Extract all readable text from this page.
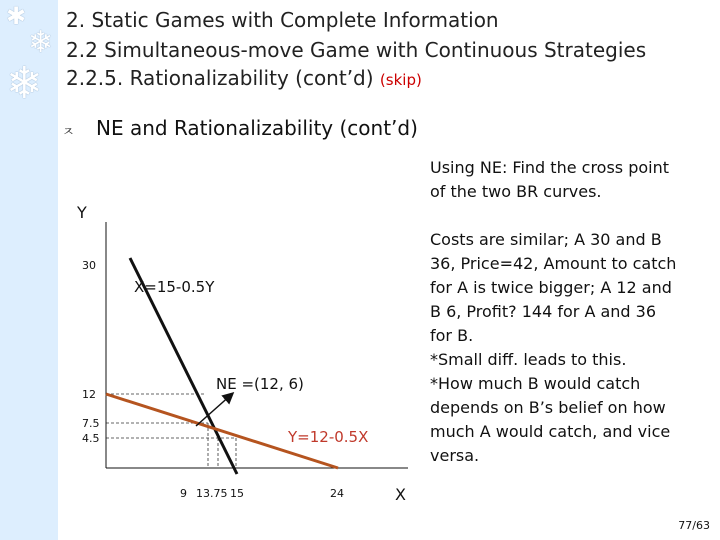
✱
❄
❄
2. Static Games with Complete Information
2.2 Simultaneous-move Game with Continuous Strategies
2.2.5. Rationalizability (cont’d) (skip)
ㅈ NE and Rationalizability (cont’d)
Using NE: Find the cross point
of the two BR curves.
Costs are similar; A 30 and B
36, Price=42, Amount to catch
for A is twice bigger; A 12 and
B 6, Profit? 144 for A and 36
for B.
*Small diff. leads to this.
*How much B would catch
depends on B’s belief on how
much A would catch, and vice
versa.
30
12
7.5
4.5
9 13.75 15	24
Y
X
X=15-0.5Y
Y=12-0.5X
NE =(12, 6)
77/63
